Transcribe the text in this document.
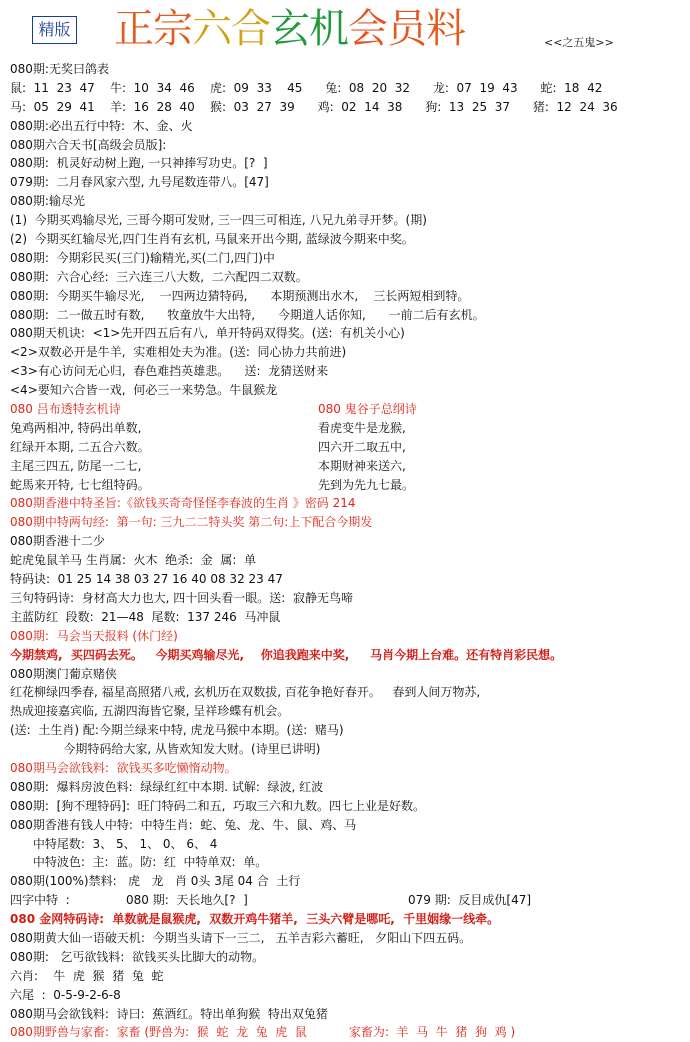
精版 正宗六合玄机会员料	<<之五鬼>>
080期:无奖曰鸽表
鼠:  11  23  47    牛:  10  34  46    虎:  09  33    45      兔:  08  20  32      龙:  07  19  43      蛇:  18  42
马:  05  29  41    羊:  16  28  40    猴:  03  27  39      鸡:  02  14  38      狗:  13  25  37      猪:  12  24  36
080期:必出五行中特:  木、金、火
080期六合天书[高级会员版]:
080期:  机灵好动树上跑, 一只神捧写功史。[?  ]
079期:  二月春风家六型, 九号尾数连带八。[47]
080期:输尽光
(1)  今期买鸡输尽光, 三哥今期可发财, 三一四三可相连, 八兄九弟寻开梦。(期)
(2)  今期买红输尽光,四门生肖有玄机, 马鼠来开出今期, 蓝绿波今期来中奖。
080期:  今期彩民买(三门)输精光,买(二门,四门)中
080期:  六合心经:  三六连三八大数,  二六配四二双数。
080期:  今期买牛输尽光,    一四两边猜特码,      本期预测出水木,    三长两短相到特。
080期:  二一做五时有数,      牧童放牛大出特,      今期道人话你知,      一前二后有玄机。
080期天机诀:  <1>先开四五后有八,  单开特码双得奖。(送:  有机关小心)
<2>双数必开是牛羊,  实难相处夫为准。(送:  同心协力共前进)
<3>有心访问无心归,  春色难挡英雄悲。    送:  龙猜送财来
<4>要知六合皆一戏,  何必三一来势急。牛鼠猴龙
080 吕布透特玄机诗	080 鬼谷子总纲诗
兔鸡两相冲, 特码出单数,	看虎变牛是龙猴,
红绿开本期, 二五合六数。	四六开二取五中,
主尾三四五, 防尾一二七,	本期财神来送六,
蛇馬来开特, 七七组特码。	先到为先九七最。
080期香港中特圣旨:《欲钱买奇奇怪怪李春波的生肖 》密码 214
080期中特两句经:  第一句: 三九二二特头奖 第二句:上下配合今期发
080期香港十二少
蛇虎兔鼠羊马 生肖属:  火木  绝杀:  金  属:  单
特码诀:  01 25 14 38 03 27 16 40 08 32 23 47
三句特码诗:  身材高大力也大, 四十回头看一眼。送:  寂静无鸟啼
主蓝防红  段数:  21—48  尾数:  137 246  马冲鼠
080期:  马会当天报料 (休门经)
今期禁鸡,  买四码去死。   今期买鸡输尽光,    你追我跑来中奖,     马肖今期上台难。还有特肖彩民想。
080期澳门葡京赌侠
红花柳绿四季春, 福星高照猪八戒, 玄机历在双数拔, 百花争艳好春开。   春到人间万物苏,
热成迎接嘉宾临, 五湖四海皆它聚, 呈祥珍蝶有机会。
(送:  土生肖) 配:今期兰绿来中特, 虎龙马猴中本期。(送:  赌马)
今期特码给大家, 从皆欢知发大财。(诗里已讲明)
080期马会欲钱料:  欲钱买多吃懒惰动物。
080期:  爆料房波色料:  绿绿红红中本期. 试解:  绿波, 红波
080期:  [狗不理特码]:  旺门特码二和五,  巧取三六和九数。四七上业是好数。
080期香港有钱人中特:  中特生肖:  蛇、兔、龙、牛、鼠、鸡、马
中特尾数:  3、 5、 1、 0、 6、 4
中特波色:  主:  蓝。防:  红  中特单双:  单。
080期(100%)禁料:   虎   龙   肖 0头 3尾 04 合  土行
四字中特  :	080 期:  天长地久[?  ]	079 期:  反目成仇[47]
080 金网特码诗:  单数就是鼠猴虎,  双数开鸡牛猪羊,  三头六臂是哪吒,  千里姻缘一线牵。
080期黄大仙一语破天机:  今期当头请下一三二,   五羊吉彩六蓄旺,   夕阳山下四五码。
080期:   乞丐欲钱料:  欲钱买头比脚大的动物。
六肖:    牛  虎  猴  猪  兔  蛇
六尾  :  0-5-9-2-6-8
080期马会欲钱料:  诗曰:  蕉酒红。特出单狗猴  特出双兔猪
080期野兽与家畜:  家畜 (野兽为:  猴  蛇  龙  兔  虎  鼠           家畜为:  羊  马  牛  猪  狗  鸡 )
